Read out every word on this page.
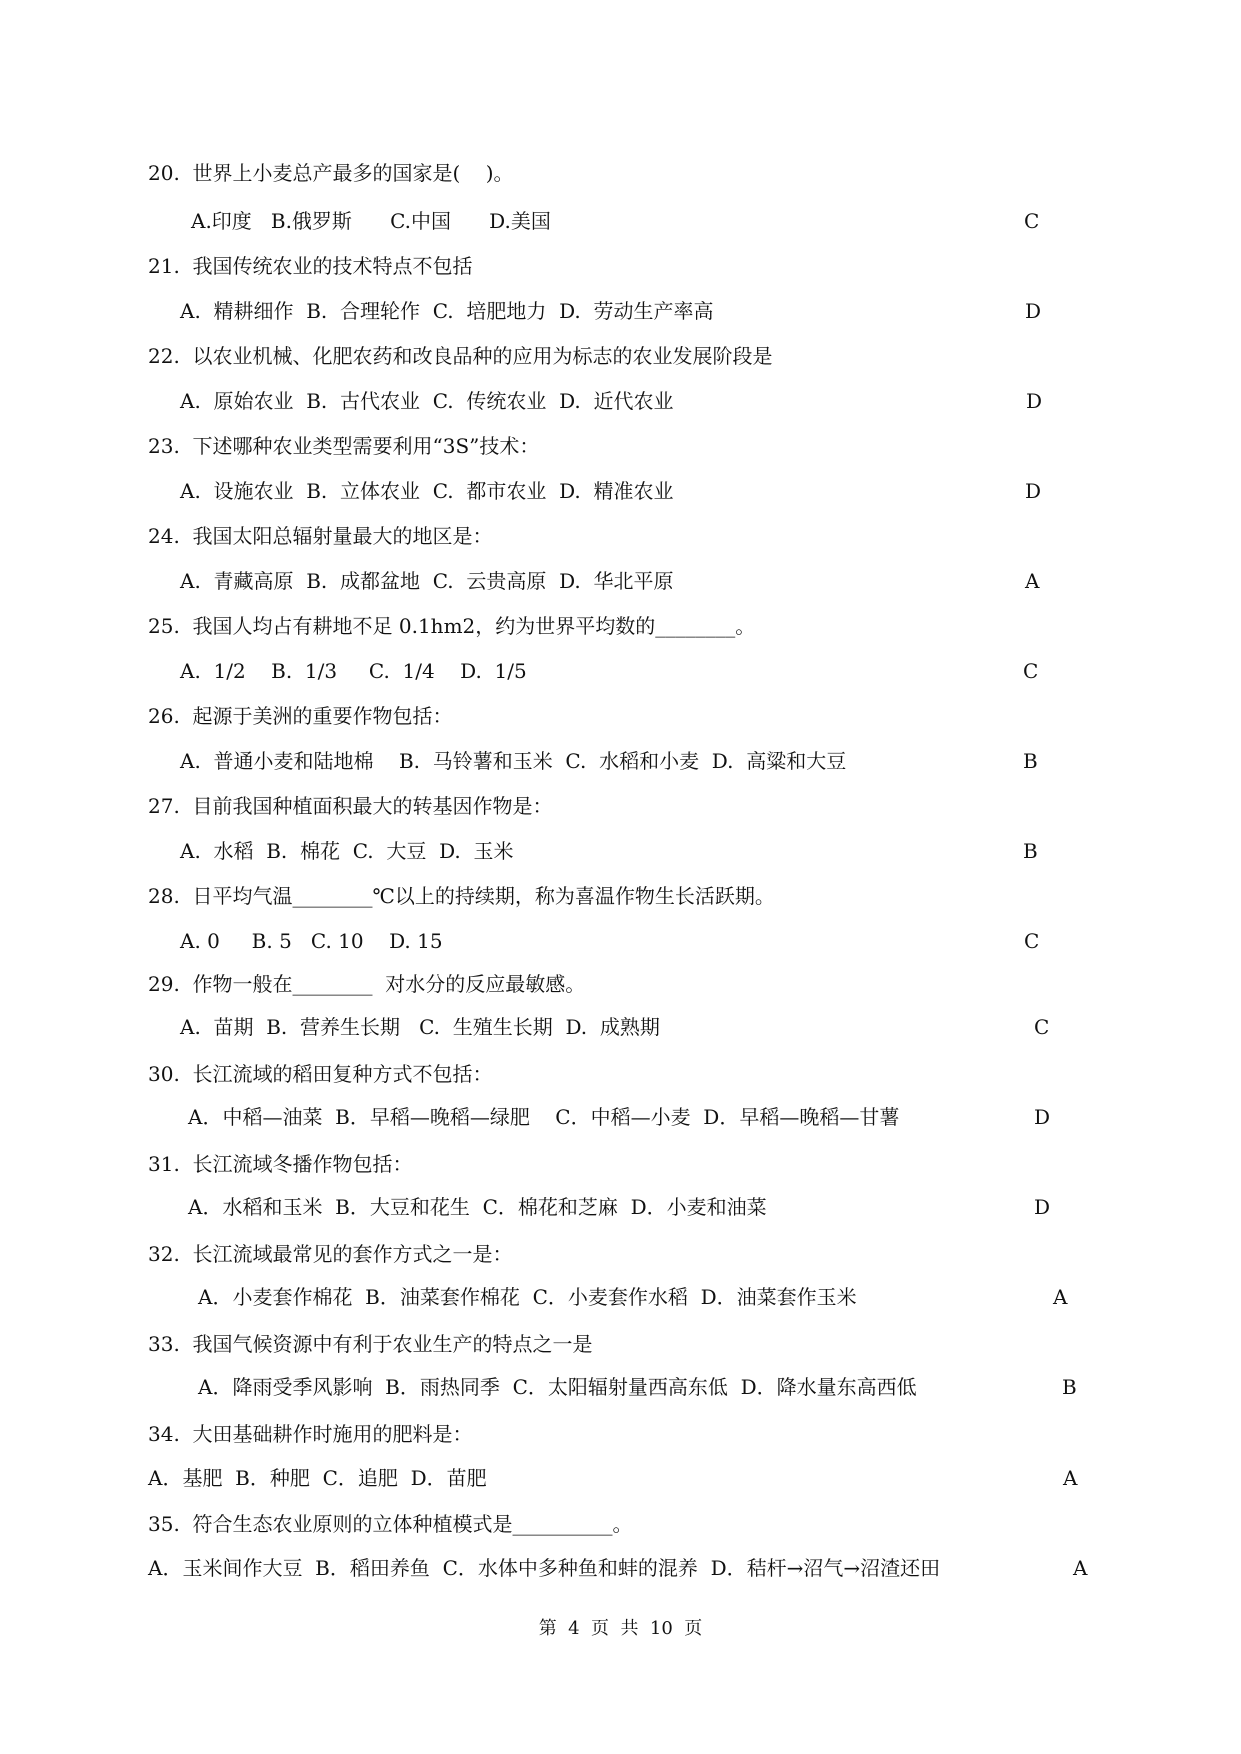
20.  世界上小麦总产最多的国家是(    )。
A.印度   B.俄罗斯      C.中国      D.美国	C
21.  我国传统农业的技术特点不包括
A.  精耕细作  B.  合理轮作  C.  培肥地力  D.  劳动生产率高	D
22.  以农业机械、化肥农药和改良品种的应用为标志的农业发展阶段是
A.  原始农业  B.  古代农业  C.  传统农业  D.  近代农业	D
23.  下述哪种农业类型需要利用“3S”技术：
A.  设施农业  B.  立体农业  C.  都市农业  D.  精准农业	D
24.  我国太阳总辐射量最大的地区是：
A.  青藏高原  B.  成都盆地  C.  云贵高原  D.  华北平原	A
25.  我国人均占有耕地不足 0.1hm2，约为世界平均数的________。
A.  1/2    B.  1/3     C.  1/4    D.  1/5	C
26.  起源于美洲的重要作物包括：
A.  普通小麦和陆地棉    B.  马铃薯和玉米  C.  水稻和小麦  D.  高粱和大豆	B
27.  目前我国种植面积最大的转基因作物是：
A.  水稻  B.  棉花  C.  大豆  D.  玉米	B
28.  日平均气温________℃以上的持续期，称为喜温作物生长活跃期。
A. 0     B. 5   C. 10    D. 15	C
29.  作物一般在________  对水分的反应最敏感。
A.  苗期  B.  营养生长期   C.  生殖生长期  D.  成熟期	C
30.  长江流域的稻田复种方式不包括：
A．中稻—油菜  B．早稻—晚稻—绿肥    C．中稻—小麦  D．早稻—晚稻—甘薯	D
31.  长江流域冬播作物包括：
A．水稻和玉米  B．大豆和花生  C．棉花和芝麻  D．小麦和油菜	D
32.  长江流域最常见的套作方式之一是：
A．小麦套作棉花  B．油菜套作棉花  C．小麦套作水稻  D．油菜套作玉米	A
33.  我国气候资源中有利于农业生产的特点之一是
A．降雨受季风影响  B．雨热同季  C．太阳辐射量西高东低  D．降水量东高西低	B
34.  大田基础耕作时施用的肥料是：
A．基肥  B．种肥  C．追肥  D．苗肥	A
35.  符合生态农业原则的立体种植模式是__________。
A．玉米间作大豆  B．稻田养鱼  C．水体中多种鱼和蚌的混养  D．秸杆→沼气→沼渣还田	A
第  4  页  共  10  页
